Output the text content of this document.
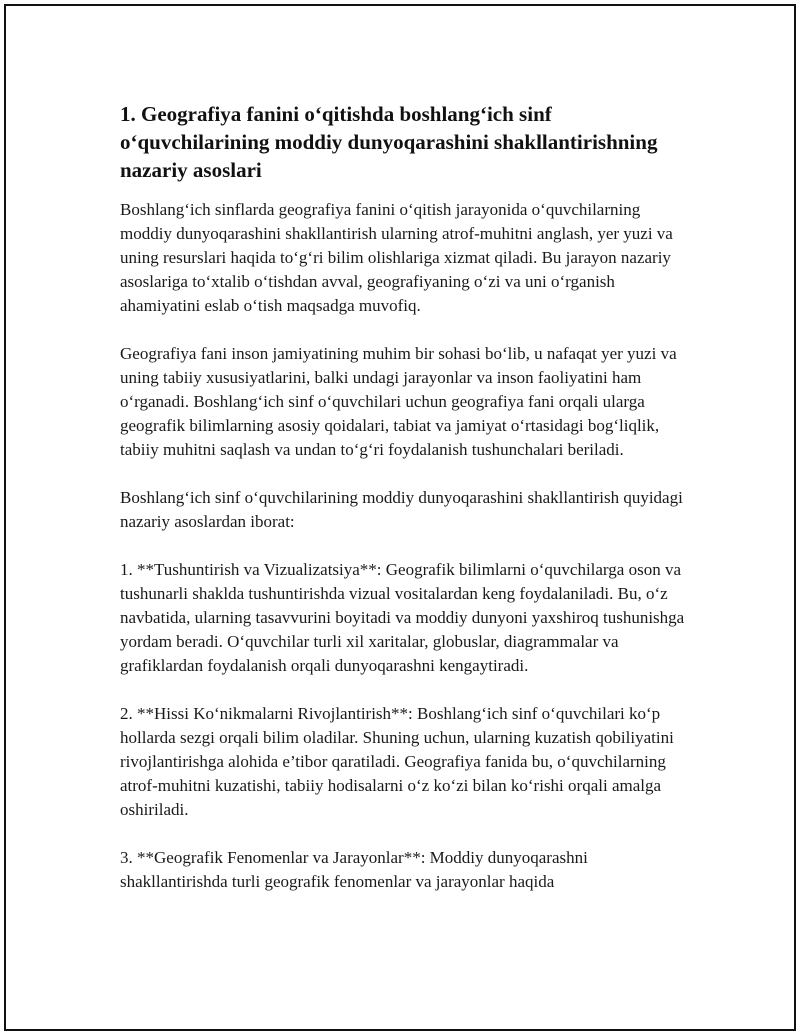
1. Geografiya fanini o‘qitishda boshlang‘ich sinf o‘quvchilarining moddiy dunyoqarashini shakllantirishning nazariy asoslari

Boshlang‘ich sinflarda geografiya fanini o‘qitish jarayonida o‘quvchilarning moddiy dunyoqarashini shakllantirish ularning atrof-muhitni anglash, yer yuzi va uning resurslari haqida to‘g‘ri bilim olishlariga xizmat qiladi. Bu jarayon nazariy asoslariga to‘xtalib o‘tishdan avval, geografiyaning o‘zi va uni o‘rganish ahamiyatini eslab o‘tish maqsadga muvofiq.

Geografiya fani inson jamiyatining muhim bir sohasi bo‘lib, u nafaqat yer yuzi va uning tabiiy xususiyatlarini, balki undagi jarayonlar va inson faoliyatini ham o‘rganadi. Boshlang‘ich sinf o‘quvchilari uchun geografiya fani orqali ularga geografik bilimlarning asosiy qoidalari, tabiat va jamiyat o‘rtasidagi bog‘liqlik, tabiiy muhitni saqlash va undan to‘g‘ri foydalanish tushunchalari beriladi.

Boshlang‘ich sinf o‘quvchilarining moddiy dunyoqarashini shakllantirish quyidagi nazariy asoslardan iborat:

1. **Tushuntirish va Vizualizatsiya**: Geografik bilimlarni o‘quvchilarga oson va tushunarli shaklda tushuntirishda vizual vositalardan keng foydalaniladi. Bu, o‘z navbatida, ularning tasavvurini boyitadi va moddiy dunyoni yaxshiroq tushunishga yordam beradi. O‘quvchilar turli xil xaritalar, globuslar, diagrammalar va grafiklardan foydalanish orqali dunyoqarashni kengaytiradi.

2. **Hissi Ko‘nikmalarni Rivojlantirish**: Boshlang‘ich sinf o‘quvchilari ko‘p hollarda sezgi orqali bilim oladilar. Shuning uchun, ularning kuzatish qobiliyatini rivojlantirishga alohida e’tibor qaratiladi. Geografiya fanida bu, o‘quvchilarning atrof-muhitni kuzatishi, tabiiy hodisalarni o‘z ko‘zi bilan ko‘rishi orqali amalga oshiriladi.

3. **Geografik Fenomenlar va Jarayonlar**: Moddiy dunyoqarashni shakllantirishda turli geografik fenomenlar va jarayonlar haqida
